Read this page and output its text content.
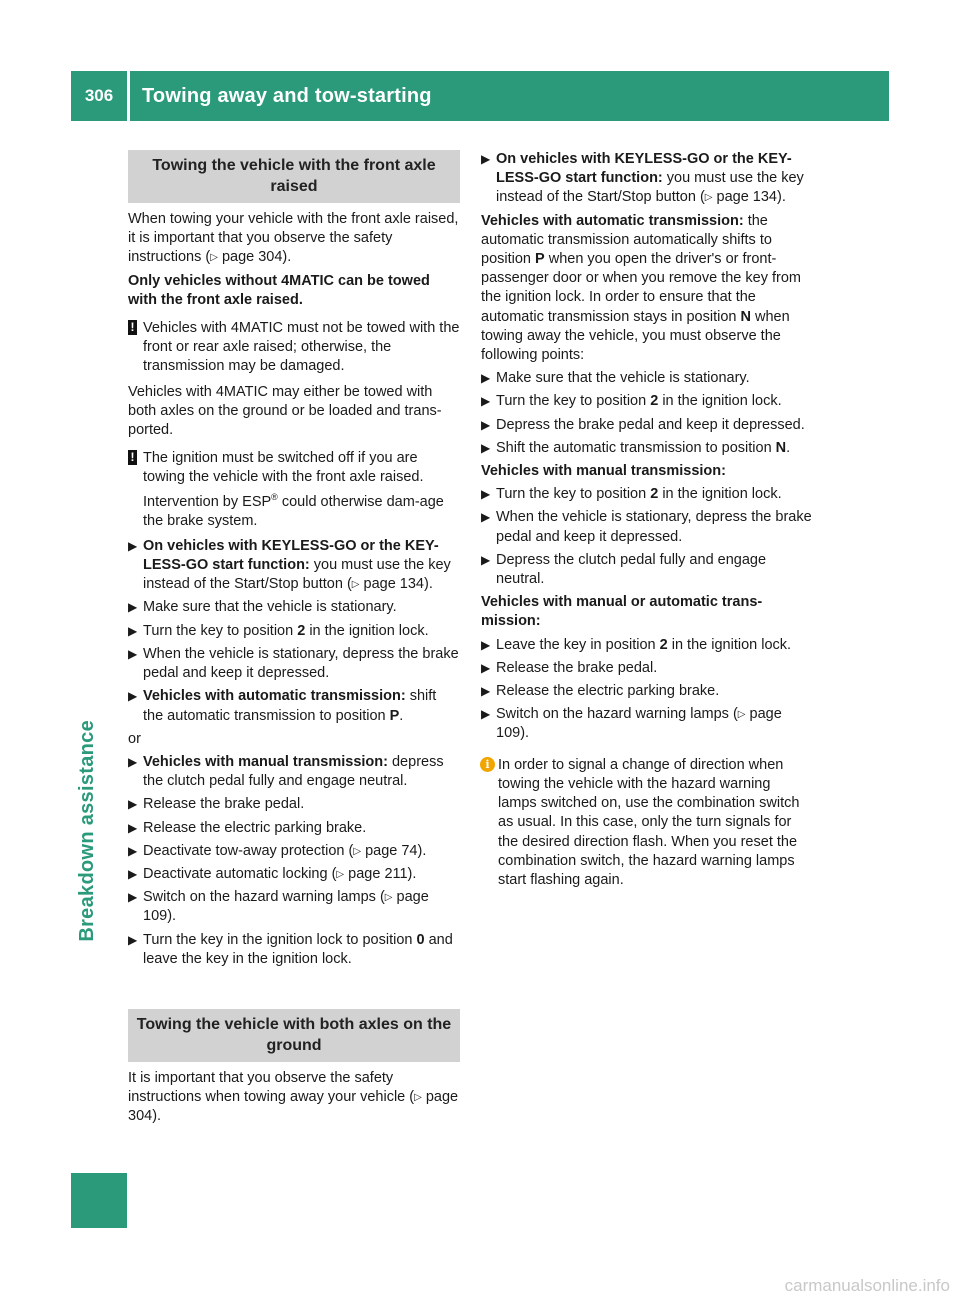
306	Towing away and tow-starting
Breakdown assistance
Towing the vehicle with the front axle raised

When towing your vehicle with the front axle raised, it is important that you observe the safety instructions (▷ page 304).

Only vehicles without 4MATIC can be towed with the front axle raised.

! Vehicles with 4MATIC must not be towed with the front or rear axle raised; otherwise, the transmission may be damaged.

Vehicles with 4MATIC may either be towed with both axles on the ground or be loaded and trans-ported.

! The ignition must be switched off if you are towing the vehicle with the front axle raised. Intervention by ESP® could otherwise dam-age the brake system.
▶ On vehicles with KEYLESS-GO or the KEY-LESS-GO start function: you must use the key instead of the Start/Stop button (▷ page 134).
▶ Make sure that the vehicle is stationary.
▶ Turn the key to position 2 in the ignition lock.
▶ When the vehicle is stationary, depress the brake pedal and keep it depressed.
▶ Vehicles with automatic transmission: shift the automatic transmission to position P.

or

▶ Vehicles with manual transmission: depress the clutch pedal fully and engage neutral.
▶ Release the brake pedal.
▶ Release the electric parking brake.
▶ Deactivate tow-away protection (▷ page 74).
▶ Deactivate automatic locking (▷ page 211).
▶ Switch on the hazard warning lamps (▷ page 109).
▶ Turn the key in the ignition lock to position 0 and leave the key in the ignition lock.
Towing the vehicle with both axles on the ground

It is important that you observe the safety instructions when towing away your vehicle (▷ page 304).

▶ On vehicles with KEYLESS-GO or the KEY-LESS-GO start function: you must use the key instead of the Start/Stop button (▷ page 134).

Vehicles with automatic transmission: the automatic transmission automatically shifts to position P when you open the driver's or front-passenger door or when you remove the key from the ignition lock. In order to ensure that the automatic transmission stays in position N when towing away the vehicle, you must observe the following points:

▶ Make sure that the vehicle is stationary.
▶ Turn the key to position 2 in the ignition lock.
▶ Depress the brake pedal and keep it depressed.
▶ Shift the automatic transmission to position N.

Vehicles with manual transmission:

▶ Turn the key to position 2 in the ignition lock.
▶ When the vehicle is stationary, depress the brake pedal and keep it depressed.
▶ Depress the clutch pedal fully and engage neutral.

Vehicles with manual or automatic trans-mission:

▶ Leave the key in position 2 in the ignition lock.
▶ Release the brake pedal.
▶ Release the electric parking brake.
▶ Switch on the hazard warning lamps (▷ page 109).
i In order to signal a change of direction when towing the vehicle with the hazard warning lamps switched on, use the combination switch as usual. In this case, only the turn signals for the desired direction flash. When you reset the combination switch, the hazard warning lamps start flashing again.
carmanualsonline.info
